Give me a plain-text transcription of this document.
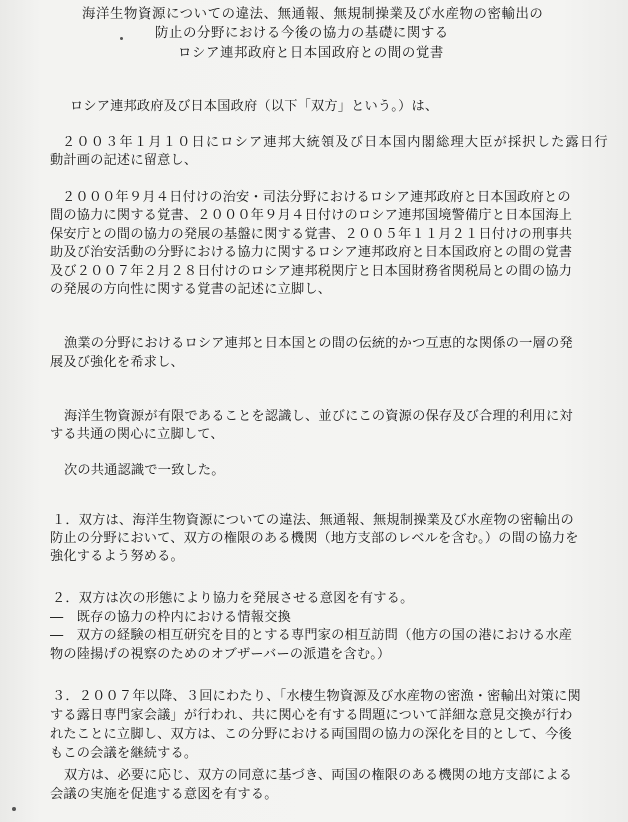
海洋生物資源についての違法、無通報、無規制操業及び水産物の密輸出の
防止の分野における今後の協力の基礎に関する
ロシア連邦政府と日本国政府との間の覚書
ロシア連邦政府及び日本国政府（以下「双方」という。）は、
２００３年１月１０日にロシア連邦大統領及び日本国内閣総理大臣が採択した露日行
動計画の記述に留意し、
２０００年９月４日付けの治安・司法分野におけるロシア連邦政府と日本国政府との
間の協力に関する覚書、２０００年９月４日付けのロシア連邦国境警備庁と日本国海上
保安庁との間の協力の発展の基盤に関する覚書、２００５年１１月２１日付けの刑事共
助及び治安活動の分野における協力に関するロシア連邦政府と日本国政府との間の覚書
及び２００７年２月２８日付けのロシア連邦税関庁と日本国財務省関税局との間の協力
の発展の方向性に関する覚書の記述に立脚し、
漁業の分野におけるロシア連邦と日本国との間の伝統的かつ互恵的な関係の一層の発
展及び強化を希求し、
海洋生物資源が有限であることを認識し、並びにこの資源の保存及び合理的利用に対
する共通の関心に立脚して、
次の共通認識で一致した。
１．双方は、海洋生物資源についての違法、無通報、無規制操業及び水産物の密輸出の
防止の分野において、双方の権限のある機関（地方支部のレベルを含む。）の間の協力を
強化するよう努める。
２．双方は次の形態により協力を発展させる意図を有する。
―　既存の協力の枠内における情報交換
―　双方の経験の相互研究を目的とする専門家の相互訪問（他方の国の港における水産
物の陸揚げの視察のためのオブザーバーの派遣を含む。）
３．２００７年以降、３回にわたり、「水棲生物資源及び水産物の密漁・密輸出対策に関
する露日専門家会議」が行われ、共に関心を有する問題について詳細な意見交換が行わ
れたことに立脚し、双方は、この分野における両国間の協力の深化を目的として、今後
もこの会議を継続する。
双方は、必要に応じ、双方の同意に基づき、両国の権限のある機関の地方支部による
会議の実施を促進する意図を有する。
